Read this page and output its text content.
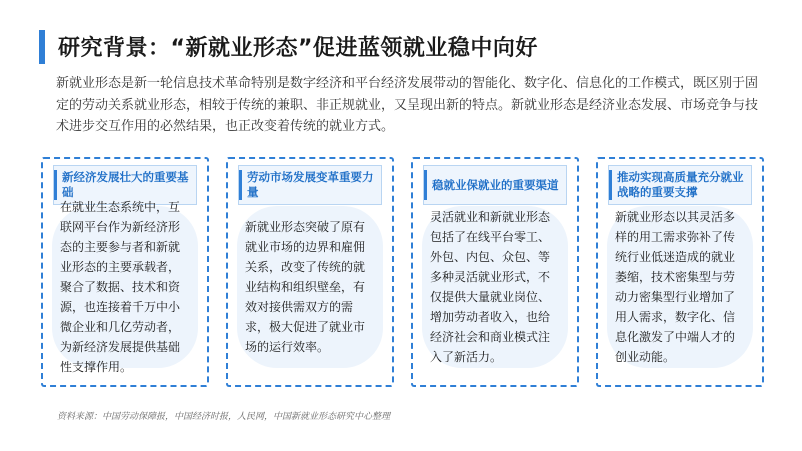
研究背景：“新就业形态”促进蓝领就业稳中向好

新就业形态是新一轮信息技术革命特别是数字经济和平台经济发展带动的智能化、数字化、信息化的工作模式，既区别于固定的劳动关系就业形态，相较于传统的兼职、非正规就业，又呈现出新的特点。新就业形态是经济业态发展、市场竞争与技术进步交互作用的必然结果，也正改变着传统的就业方式。

新经济发展壮大的重要基础

在就业生态系统中，互联网平台作为新经济形态的主要参与者和新就业形态的主要承载者，聚合了数据、技术和资源，也连接着千万中小微企业和几亿劳动者，为新经济发展提供基础性支撑作用。

劳动市场发展变革重要力量

新就业形态突破了原有就业市场的边界和雇佣关系，改变了传统的就业结构和组织壁垒，有效对接供需双方的需求，极大促进了就业市场的运行效率。

稳就业保就业的重要渠道

灵活就业和新就业形态包括了在线平台零工、外包、内包、众包、等多种灵活就业形式，不仅提供大量就业岗位、增加劳动者收入，也给经济社会和商业模式注入了新活力。

推动实现高质量充分就业战略的重要支撑

新就业形态以其灵活多样的用工需求弥补了传统行业低迷造成的就业萎缩，技术密集型与劳动力密集型行业增加了用人需求，数字化、信息化激发了中端人才的创业动能。

资料来源：中国劳动保障报，中国经济时报，人民网，中国新就业形态研究中心整理
